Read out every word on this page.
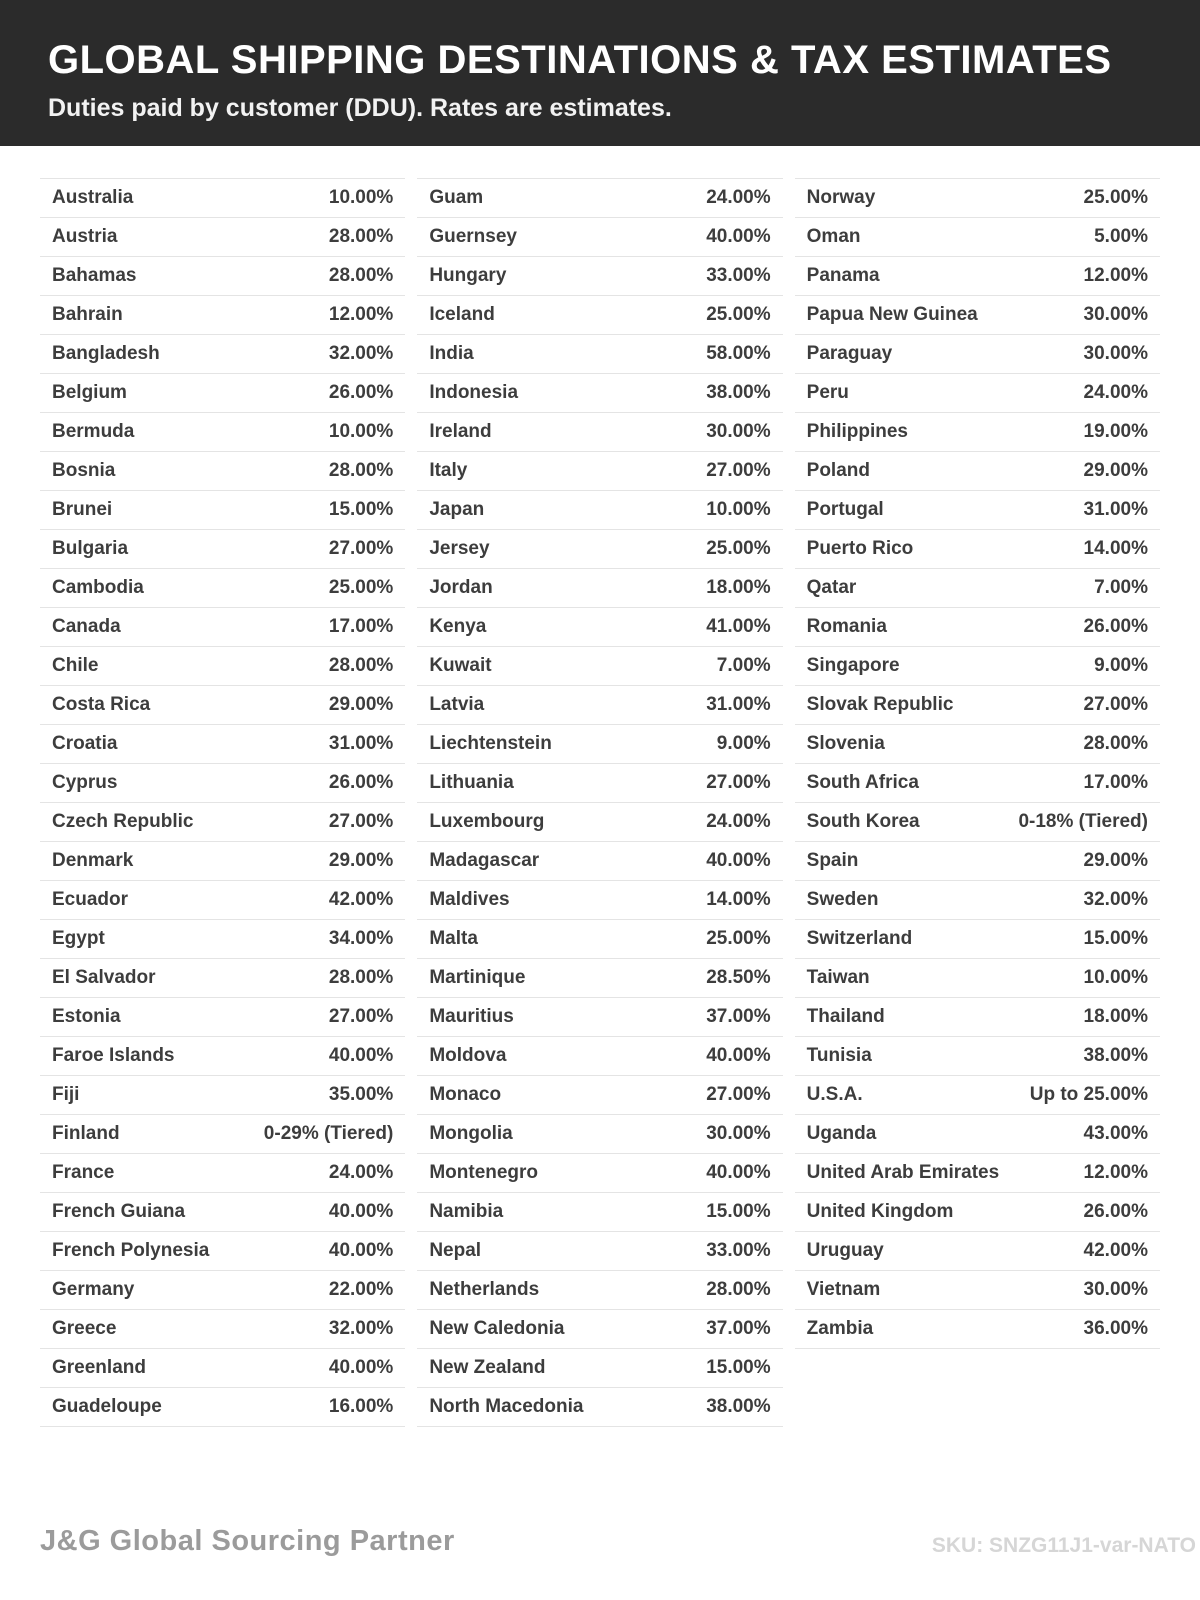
GLOBAL SHIPPING DESTINATIONS & TAX ESTIMATES
Duties paid by customer (DDU). Rates are estimates.
Australia	10.00%
Austria	28.00%
Bahamas	28.00%
Bahrain	12.00%
Bangladesh	32.00%
Belgium	26.00%
Bermuda	10.00%
Bosnia	28.00%
Brunei	15.00%
Bulgaria	27.00%
Cambodia	25.00%
Canada	17.00%
Chile	28.00%
Costa Rica	29.00%
Croatia	31.00%
Cyprus	26.00%
Czech Republic	27.00%
Denmark	29.00%
Ecuador	42.00%
Egypt	34.00%
El Salvador	28.00%
Estonia	27.00%
Faroe Islands	40.00%
Fiji	35.00%
Finland	0-29% (Tiered)
France	24.00%
French Guiana	40.00%
French Polynesia	40.00%
Germany	22.00%
Greece	32.00%
Greenland	40.00%
Guadeloupe	16.00%
Guam	24.00%
Guernsey	40.00%
Hungary	33.00%
Iceland	25.00%
India	58.00%
Indonesia	38.00%
Ireland	30.00%
Italy	27.00%
Japan	10.00%
Jersey	25.00%
Jordan	18.00%
Kenya	41.00%
Kuwait	7.00%
Latvia	31.00%
Liechtenstein	9.00%
Lithuania	27.00%
Luxembourg	24.00%
Madagascar	40.00%
Maldives	14.00%
Malta	25.00%
Martinique	28.50%
Mauritius	37.00%
Moldova	40.00%
Monaco	27.00%
Mongolia	30.00%
Montenegro	40.00%
Namibia	15.00%
Nepal	33.00%
Netherlands	28.00%
New Caledonia	37.00%
New Zealand	15.00%
North Macedonia	38.00%
Norway	25.00%
Oman	5.00%
Panama	12.00%
Papua New Guinea	30.00%
Paraguay	30.00%
Peru	24.00%
Philippines	19.00%
Poland	29.00%
Portugal	31.00%
Puerto Rico	14.00%
Qatar	7.00%
Romania	26.00%
Singapore	9.00%
Slovak Republic	27.00%
Slovenia	28.00%
South Africa	17.00%
South Korea	0-18% (Tiered)
Spain	29.00%
Sweden	32.00%
Switzerland	15.00%
Taiwan	10.00%
Thailand	18.00%
Tunisia	38.00%
U.S.A.	Up to 25.00%
Uganda	43.00%
United Arab Emirates	12.00%
United Kingdom	26.00%
Uruguay	42.00%
Vietnam	30.00%
Zambia	36.00%
J&G Global Sourcing Partner	SKU: SNZG11J1-var-NATO
